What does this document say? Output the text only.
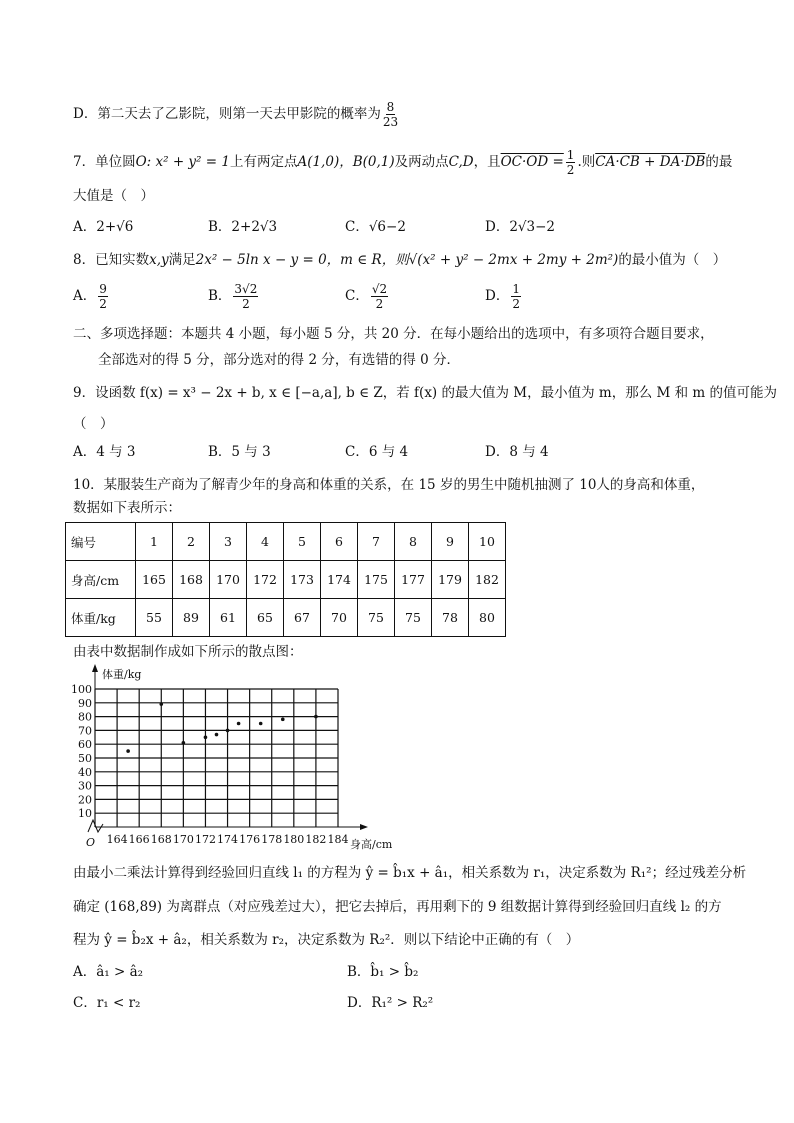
D．第二天去了乙影院，则第一天去甲影院的概率为 $\frac{8}{23}$
7．单位圆O: x² + y² = 1上有两定点A(1,0)，B(0,1)及两动点C,D，且$OC\cdot OD = \frac{1}{2}$ .则CA·CB + DA·DB的最
大值是（　）
A．2+√6	B．2+2√3	C．√6−2	D．2√3−2
8．已知实数x,y满足2x² − 5ln x − y = 0，m ∈ R，则√(x² + y² − 2mx + 2my + 2m²)的最小值为（　）
A． $\frac{9}{2}$	B． $\frac{3√2}{2}$	C． $\frac{√2}{2}$	D． $\frac{1}{2}$
二、多项选择题：本题共 4 小题，每小题 5 分，共 20 分．在每小题给出的选项中，有多项符合题目要求，
全部选对的得 5 分，部分选对的得 2 分，有选错的得 0 分．
9．设函数 f(x) = x³ − 2x + b, x ∈ [−a,a], b ∈ Z，若 f(x) 的最大值为 M，最小值为 m，那么 M 和 m 的值可能为
（　）
A．4 与 3	B．5 与 3	C．6 与 4	D．8 与 4
10．某服装生产商为了解青少年的身高和体重的关系，在 15 岁的男生中随机抽测了 10人的身高和体重，
数据如下表所示：
编号	1	2	3	4	5	6	7	8	9	10
身高/cm	165	168	170	172	173	174	175	177	179	182
体重/kg	55	89	61	65	67	70	75	75	78	80
由表中数据制作成如下所示的散点图：
10
20
30
40
50
60
70
80
90
100
164 166 168 170 172 174 176 178 180 182 184
体重/kg
身高/cm
O
由最小二乘法计算得到经验回归直线 l₁ 的方程为 ŷ = b̂₁x + â₁，相关系数为 r₁，决定系数为 R₁²；经过残差分析
确定 (168,89) 为离群点（对应残差过大），把它去掉后，再用剩下的 9 组数据计算得到经验回归直线 l₂ 的方
程为 ŷ = b̂₂x + â₂，相关系数为 r₂，决定系数为 R₂²．则以下结论中正确的有（　）
A．â₁ > â₂	B．b̂₁ > b̂₂
C．r₁ < r₂	D．R₁² > R₂²
